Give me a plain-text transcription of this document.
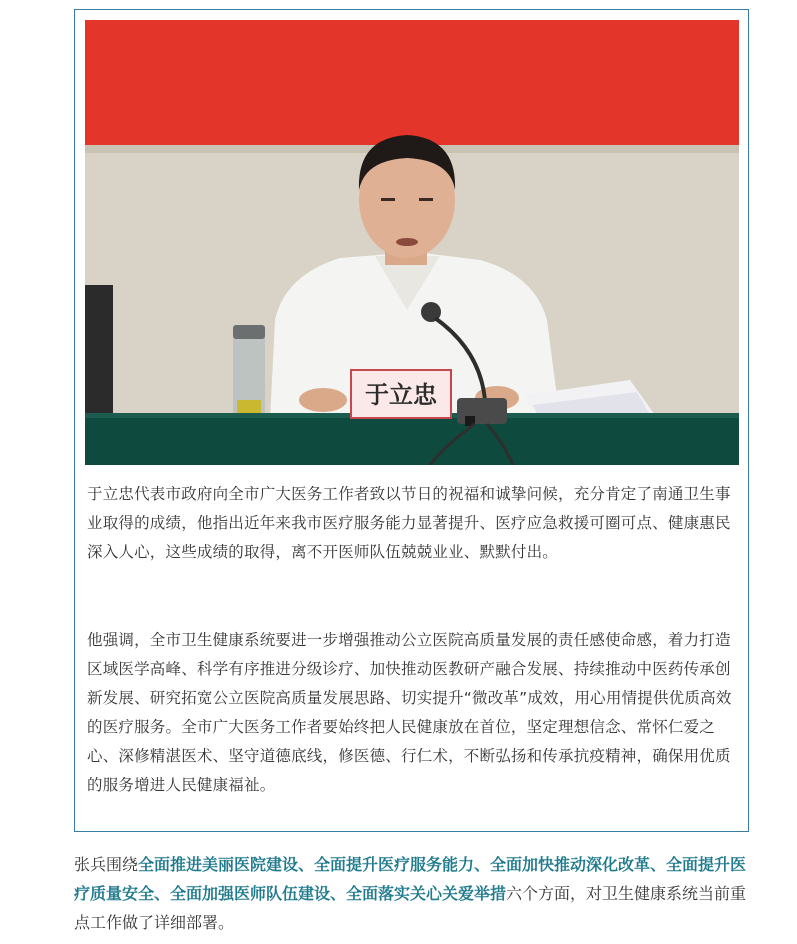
于立忠

于立忠代表市政府向全市广大医务工作者致以节日的祝福和诚挚问候，充分肯定了南通卫生事业取得的成绩，他指出近年来我市医疗服务能力显著提升、医疗应急救援可圈可点、健康惠民深入人心，这些成绩的取得，离不开医师队伍兢兢业业、默默付出。

他强调，全市卫生健康系统要进一步增强推动公立医院高质量发展的责任感使命感，着力打造区域医学高峰、科学有序推进分级诊疗、加快推动医教研产融合发展、持续推动中医药传承创新发展、研究拓宽公立医院高质量发展思路、切实提升“微改革”成效，用心用情提供优质高效的医疗服务。全市广大医务工作者要始终把人民健康放在首位，坚定理想信念、常怀仁爱之心、深修精湛医术、坚守道德底线，修医德、行仁术，不断弘扬和传承抗疫精神，确保用优质的服务增进人民健康福祉。

张兵围绕全面推进美丽医院建设、全面提升医疗服务能力、全面加快推动深化改革、全面提升医疗质量安全、全面加强医师队伍建设、全面落实关心关爱举措六个方面，对卫生健康系统当前重点工作做了详细部署。
